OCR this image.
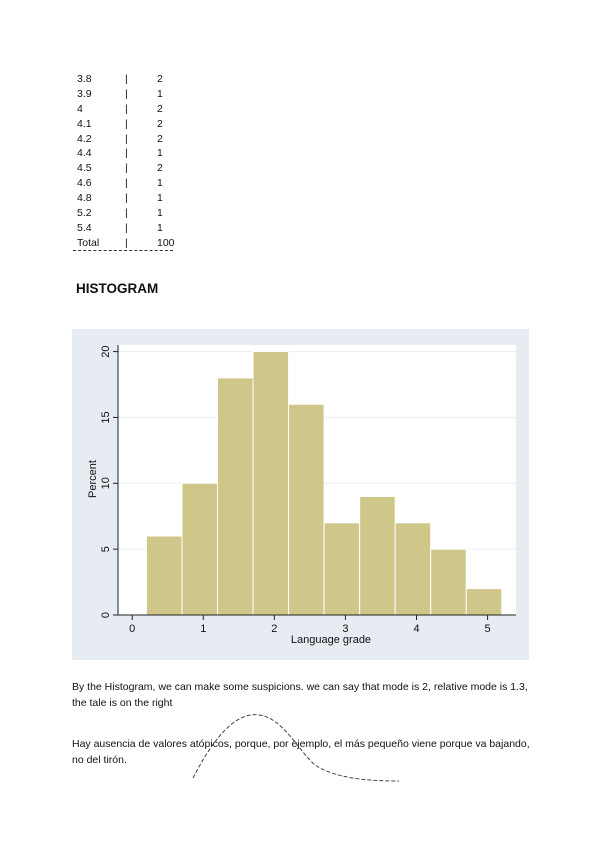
3.8	|	2
3.9	|	1
4	|	2
4.1	|	2
4.2	|	2
4.4	|	1
4.5	|	2
4.6	|	1
4.8	|	1
5.2	|	1
5.4	|	1
Total |	100
HISTOGRAM
0
5
10
15
20
0	1	2	3	4	5
Language grade
Percent
By the Histogram, we can make some suspicions. we can say that mode is 2, relative mode is 1.3, the tale is on the right
Hay ausencia de valores atópicos, porque, por ejemplo, el más pequeño viene porque va bajando, no del tirón.
